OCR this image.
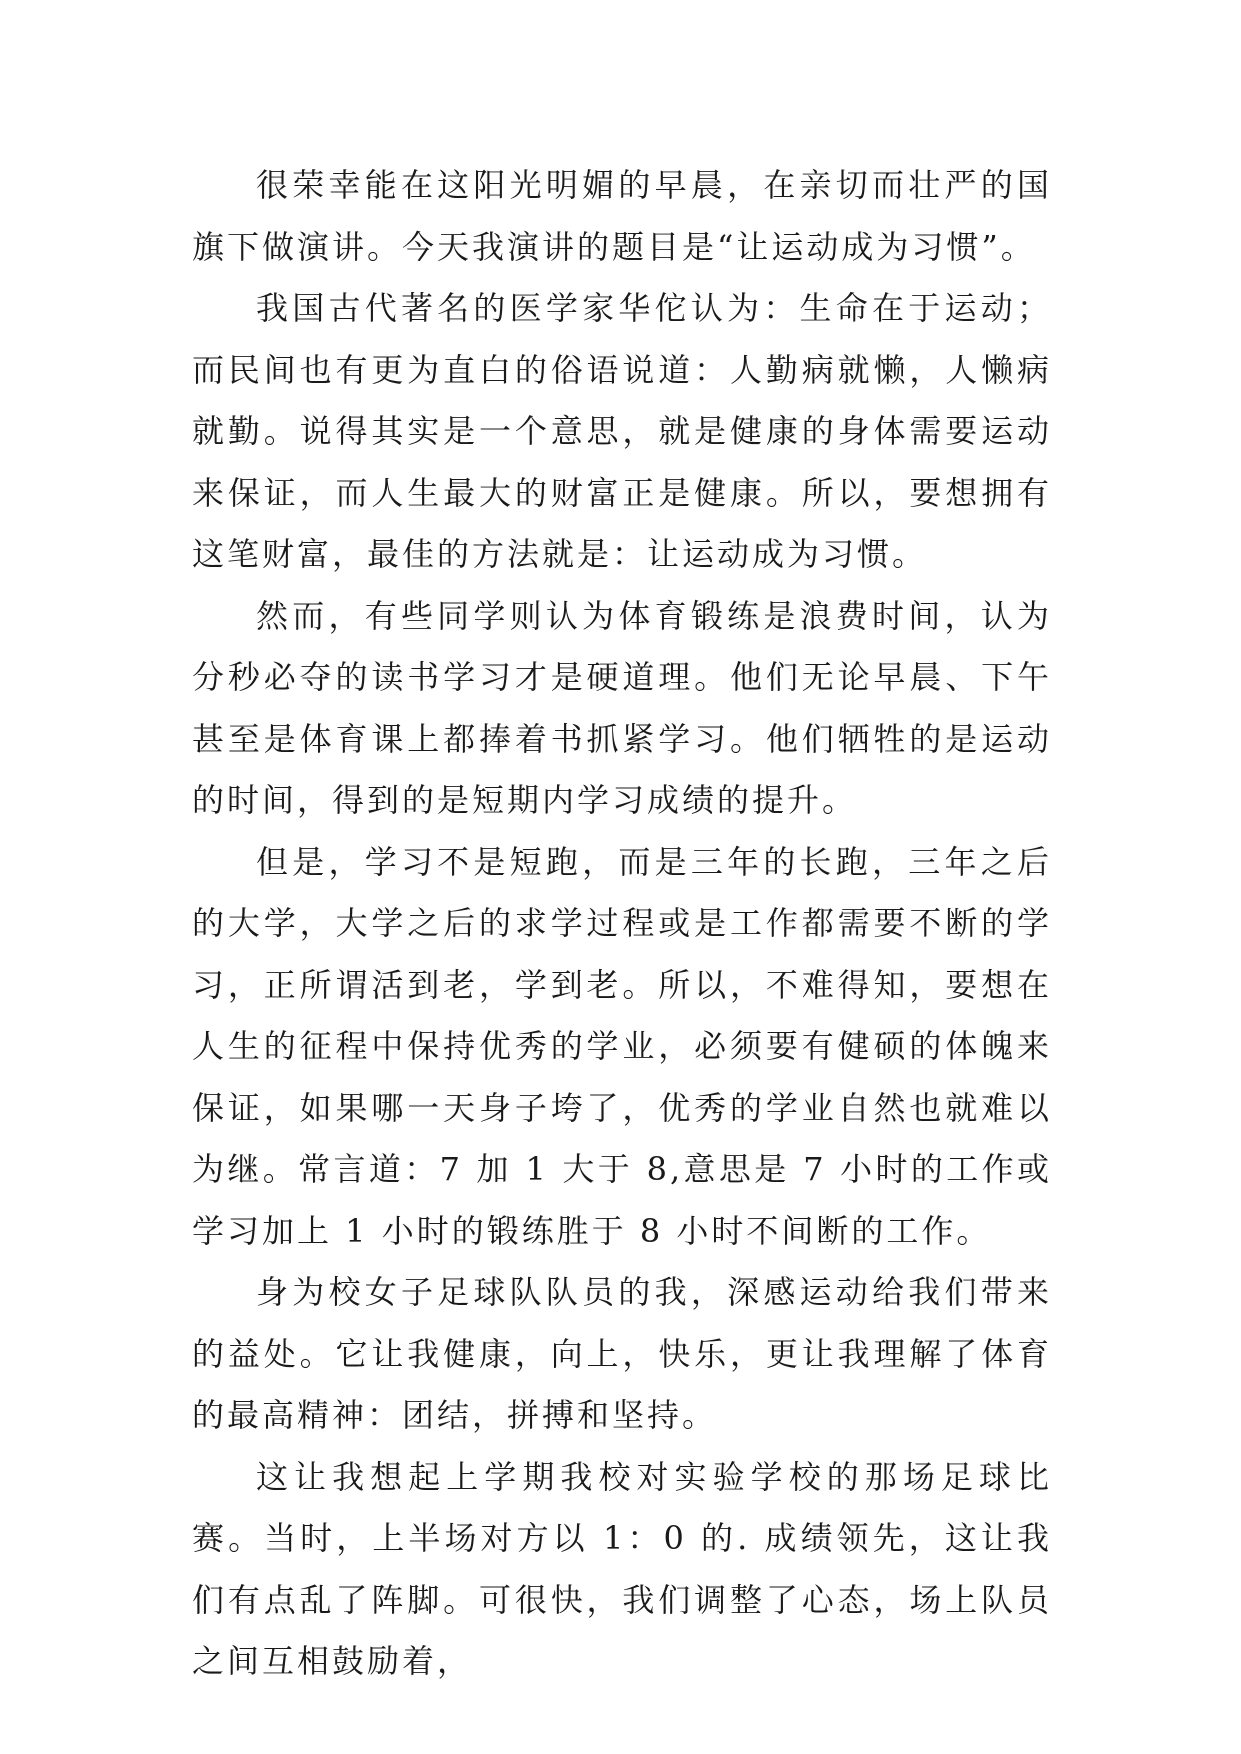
很荣幸能在这阳光明媚的早晨，在亲切而壮严的国旗下做演讲。今天我演讲的题目是“让运动成为习惯”。

我国古代著名的医学家华佗认为：生命在于运动；而民间也有更为直白的俗语说道：人勤病就懒，人懒病就勤。说得其实是一个意思，就是健康的身体需要运动来保证，而人生最大的财富正是健康。所以，要想拥有这笔财富，最佳的方法就是：让运动成为习惯。

然而，有些同学则认为体育锻练是浪费时间，认为分秒必夺的读书学习才是硬道理。他们无论早晨、下午甚至是体育课上都捧着书抓紧学习。他们牺牲的是运动的时间，得到的是短期内学习成绩的提升。

但是，学习不是短跑，而是三年的长跑，三年之后的大学，大学之后的求学过程或是工作都需要不断的学习，正所谓活到老，学到老。所以，不难得知，要想在人生的征程中保持优秀的学业，必须要有健硕的体魄来保证，如果哪一天身子垮了，优秀的学业自然也就难以为继。常言道：7 加 1 大于 8,意思是 7 小时的工作或学习加上 1 小时的锻练胜于 8 小时不间断的工作。

身为校女子足球队队员的我，深感运动给我们带来的益处。它让我健康，向上，快乐，更让我理解了体育的最高精神：团结，拼搏和坚持。

这让我想起上学期我校对实验学校的那场足球比赛。当时，上半场对方以 1：0 的. 成绩领先，这让我们有点乱了阵脚。可很快，我们调整了心态，场上队员之间互相鼓励着，
